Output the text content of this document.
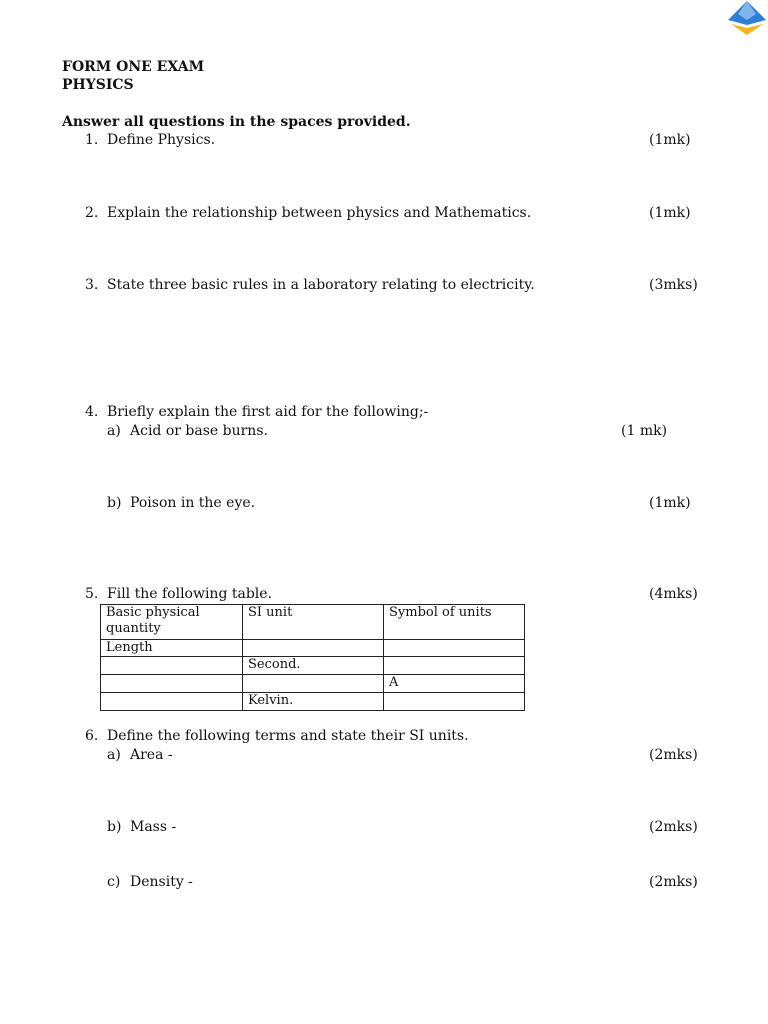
FORM ONE EXAM
PHYSICS
Answer all questions in the spaces provided.
1. Define Physics.	(1mk)
2. Explain the relationship between physics and Mathematics.	(1mk)
3. State three basic rules in a laboratory relating to electricity.	(3mks)
4. Briefly explain the first aid for the following;-
a) Acid or base burns.	(1 mk)
b) Poison in the eye.	(1mk)
5. Fill the following table.	(4mks)
Basic physical quantity	SI unit	Symbol of units
Length		
	Second.	
		A
	Kelvin.	
6. Define the following terms and state their SI units.
a) Area -	(2mks)
b) Mass -	(2mks)
c) Density -	(2mks)
